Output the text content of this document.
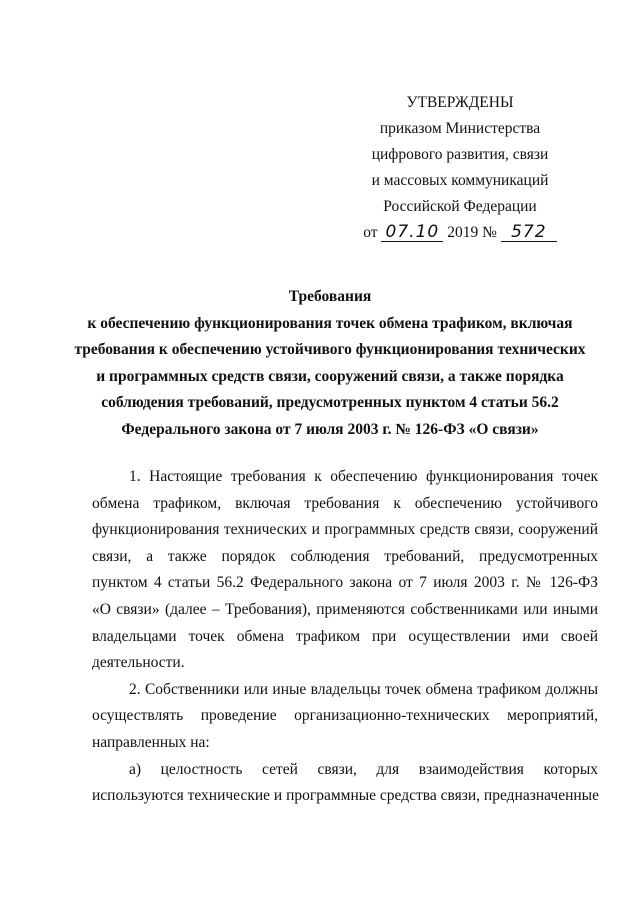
УТВЕРЖДЕНЫ
приказом Министерства
цифрового развития, связи
и массовых коммуникаций
Российской Федерации
от 07.10 2019 № 572
Требования
к обеспечению функционирования точек обмена трафиком, включая
требования к обеспечению устойчивого функционирования технических
и программных средств связи, сооружений связи, а также порядка
соблюдения требований, предусмотренных пунктом 4 статьи 56.2
Федерального закона от 7 июля 2003 г. № 126-ФЗ «О связи»

1. Настоящие требования к обеспечению функционирования точек
обмена трафиком, включая требования к обеспечению устойчивого
функционирования технических и программных средств связи, сооружений
связи, а также порядок соблюдения требований, предусмотренных
пунктом 4 статьи 56.2 Федерального закона от 7 июля 2003 г. № 126-ФЗ
«О связи» (далее – Требования), применяются собственниками или иными
владельцами точек обмена трафиком при осуществлении ими своей
деятельности.

2. Собственники или иные владельцы точек обмена трафиком должны
осуществлять проведение организационно-технических мероприятий,
направленных на:

а) целостность сетей связи, для взаимодействия которых
используются технические и программные средства связи, предназначенные
